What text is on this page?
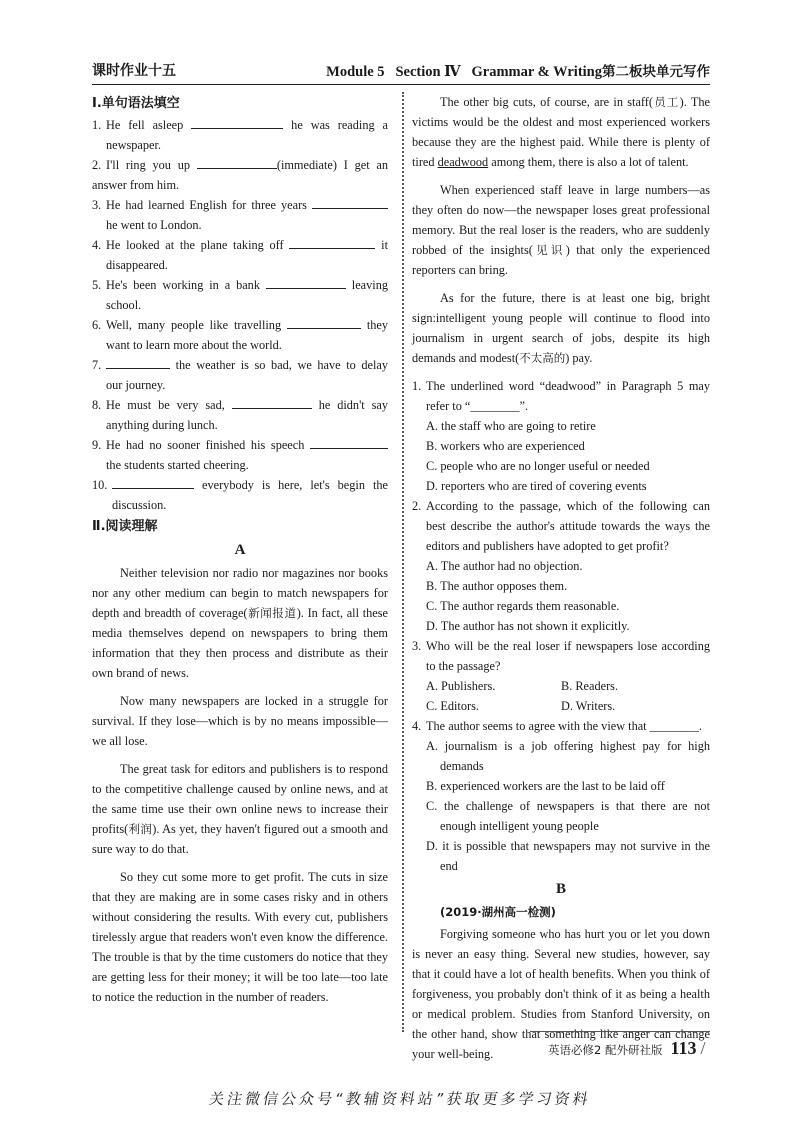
课时作业十五	Module 5 Section Ⅳ Grammar & Writing第二板块单元写作
Ⅰ.单句语法填空
1. He fell asleep	he was reading a
newspaper.
2. I'll ring you up	(immediate) I get an
answer from him.
3. He had learned English for three years
he went to London.
4. He looked at the plane taking off	it
disappeared.
5. He's been working in a bank	leaving
school.
6. Well, many people like travelling	they
want to learn more about the world.
7.	the weather is so bad, we have to delay
our journey.
8. He must be very sad,	he didn't say
anything during lunch.
9. He had no sooner finished his speech
the students started cheering.
10.	everybody is here, let's begin the
discussion.
Ⅱ.阅读理解
A

Neither television nor radio nor magazines nor books nor any other medium can begin to match newspapers for depth and breadth of coverage(新闻报道). In fact, all these media themselves depend on newspapers to bring them information that they then process and distribute as their own brand of news.

Now many newspapers are locked in a struggle for survival. If they lose—which is by no means impossible—we all lose.

The great task for editors and publishers is to respond to the competitive challenge caused by online news, and at the same time use their own online news to increase their profits(利润). As yet, they haven't figured out a smooth and sure way to do that.

So they cut some more to get profit. The cuts in size that they are making are in some cases risky and in others without considering the results. With every cut, publishers tirelessly argue that readers won't even know the difference. The trouble is that by the time customers do notice that they are getting less for their money; it will be too late—too late to notice the reduction in the number of readers.

The other big cuts, of course, are in staff(员工). The victims would be the oldest and most experienced workers because they are the highest paid. While there is plenty of tired deadwood among them, there is also a lot of talent.

When experienced staff leave in large numbers—as they often do now—the newspaper loses great professional memory. But the real loser is the readers, who are suddenly robbed of the insights(见识) that only the experienced reporters can bring.

As for the future, there is at least one big, bright sign:intelligent young people will continue to flood into journalism in urgent search of jobs, despite its high demands and modest(不太高的) pay.

1. The underlined word “deadwood” in Paragraph 5 may refer to “________”.
A. the staff who are going to retire
B. workers who are experienced
C. people who are no longer useful or needed
D. reporters who are tired of covering events
2. According to the passage, which of the following can best describe the author's attitude towards the ways the editors and publishers have adopted to get profit?
A. The author had no objection.
B. The author opposes them.
C. The author regards them reasonable.
D. The author has not shown it explicitly.
3. Who will be the real loser if newspapers lose according to the passage?
A. Publishers.	B. Readers.
C. Editors.	D. Writers.
4. The author seems to agree with the view that ________.
A. journalism is a job offering highest pay for high demands
B. experienced workers are the last to be laid off
C. the challenge of newspapers is that there are not enough intelligent young people
D. it is possible that newspapers may not survive in the end
B
(2019·湖州高一检测)

Forgiving someone who has hurt you or let you down is never an easy thing. Several new studies, however, say that it could have a lot of health benefits. When you think of forgiveness, you probably don't think of it as being a health or medical problem. Studies from Stanford University, on the other hand, show that something like anger can change your well-being.	英语必修2 配外研社版 113 /
关注微信公众号“教辅资料站”获取更多学习资料
